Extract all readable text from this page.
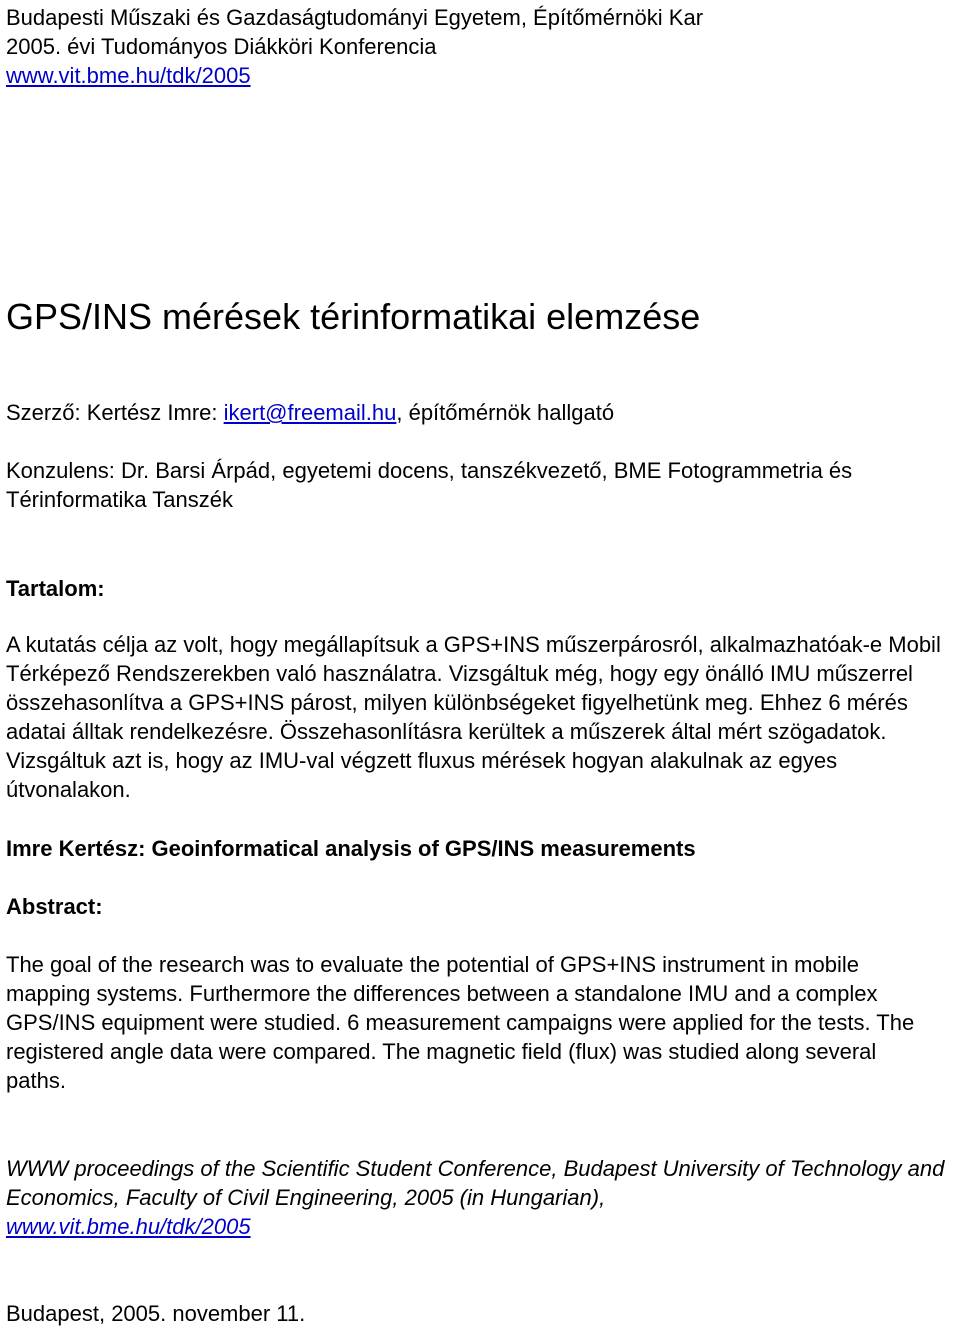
Budapesti Műszaki és Gazdaságtudományi Egyetem, Építőmérnöki Kar
2005. évi Tudományos Diákköri Konferencia
www.vit.bme.hu/tdk/2005
GPS/INS mérések térinformatikai elemzése
Szerző: Kertész Imre: ikert@freemail.hu, építőmérnök hallgató
Konzulens: Dr. Barsi Árpád, egyetemi docens, tanszékvezető, BME Fotogrammetria és Térinformatika Tanszék
Tartalom:
A kutatás célja az volt, hogy megállapítsuk a GPS+INS műszerpárosról, alkalmazhatóak-e Mobil Térképező Rendszerekben való használatra. Vizsgáltuk még, hogy egy önálló IMU műszerrel összehasonlítva a GPS+INS párost, milyen különbségeket figyelhetünk meg. Ehhez 6 mérés adatai álltak rendelkezésre. Összehasonlításra kerültek a műszerek által mért szögadatok. Vizsgáltuk azt is, hogy az IMU-val végzett fluxus mérések hogyan alakulnak az egyes útvonalakon.
Imre Kertész: Geoinformatical analysis of GPS/INS measurements
Abstract:
The goal of the research was to evaluate the potential of GPS+INS instrument in mobile mapping systems. Furthermore the differences between a standalone IMU and a complex GPS/INS equipment were studied. 6 measurement campaigns were applied for the tests. The registered angle data were compared. The magnetic field (flux) was studied along several paths.
WWW proceedings of the Scientific Student Conference, Budapest University of Technology and Economics, Faculty of Civil Engineering, 2005 (in Hungarian),
www.vit.bme.hu/tdk/2005
Budapest, 2005. november 11.
